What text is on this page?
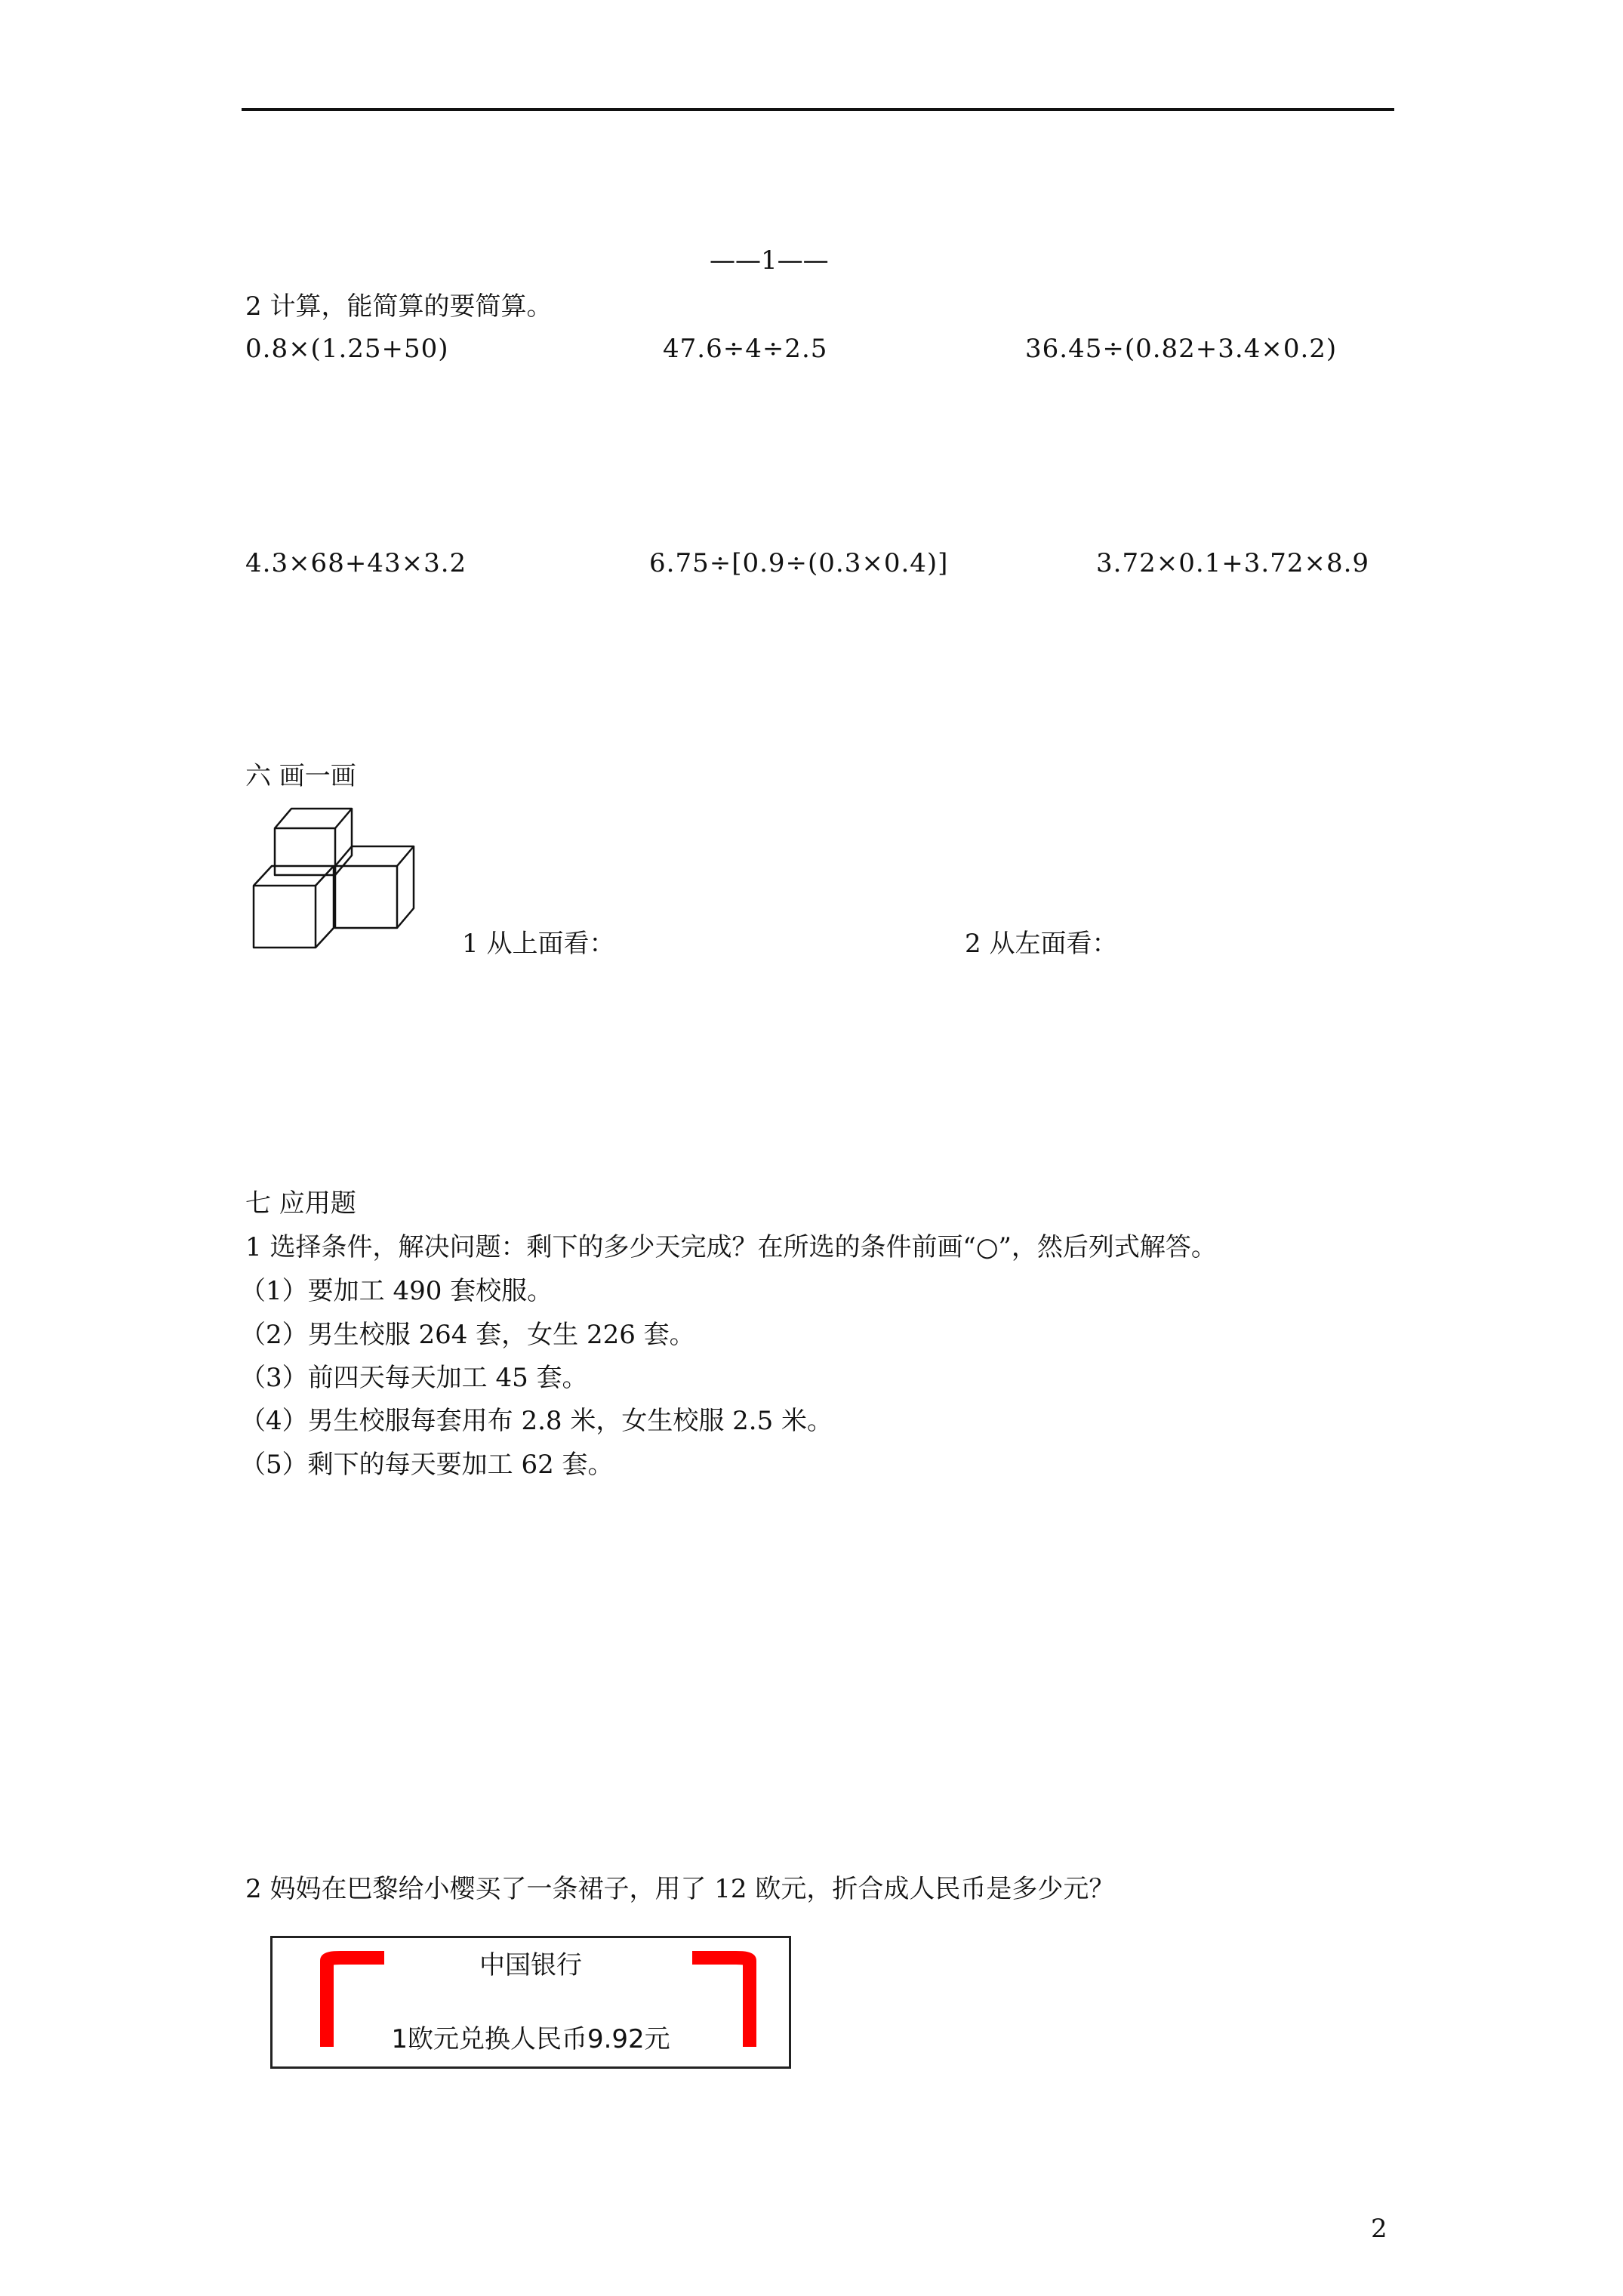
——1——
2 计算，能简算的要简算。
0.8×(1.25+50)	47.6÷4÷2.5	36.45÷(0.82+3.4×0.2)
4.3×68+43×3.2	6.75÷[0.9÷(0.3×0.4)]	3.72×0.1+3.72×8.9
六 画一画
1 从上面看：	2 从左面看：
七 应用题
1 选择条件，解决问题：剩下的多少天完成？在所选的条件前画“○”，然后列式解答。
（1）要加工 490 套校服。
（2）男生校服 264 套，女生 226 套。
（3）前四天每天加工 45 套。
（4）男生校服每套用布 2.8 米，女生校服 2.5 米。
（5）剩下的每天要加工 62 套。
2 妈妈在巴黎给小樱买了一条裙子，用了 12 欧元，折合成人民币是多少元？
中国银行
1欧元兑换人民币9.92元
2
